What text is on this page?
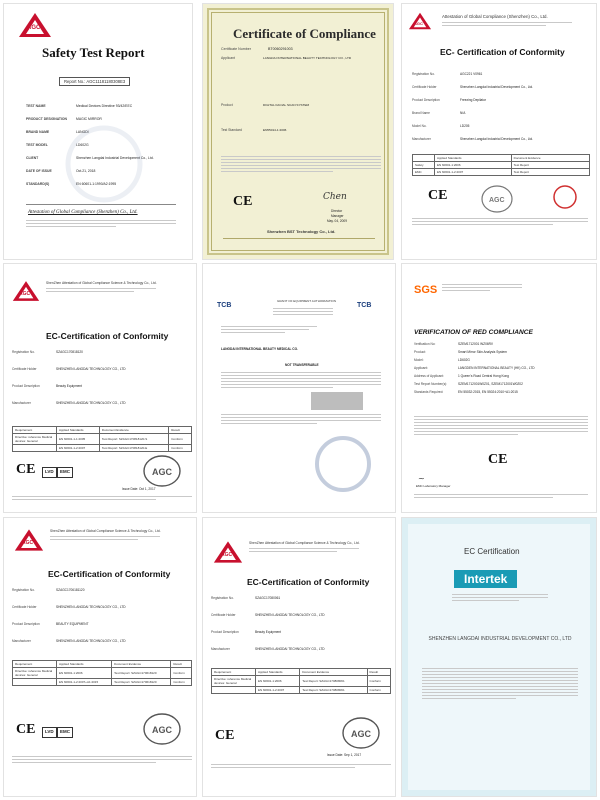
AGC
Safety Test Report
Report No.: AGC11181180308E3
TEST NAME	Medical Devices Directive 93/42/EEC
PRODUCT DESIGNATION	MAGIC MIRROR
BRAND NAME	LANGDI
TEST MODEL	LD602G
CLIENT	Shenzhen Langdai Industrial Development Co., Ltd.
DATE OF ISSUE	Oct.21, 2018
STANDARD(S)	EN 60601-1:1990/A2:1995
Attestation of Global Compliance (Shenzhen) Co., Ltd.
Certificate of Compliance
Certificate Number	BT0060291003
Applicant	LANGDAI INTERNATIONAL BEAUTY TECHNOLOGY CO., LTD
Product	DIGITAL FACIAL SCAN SYSTEM
Test Standard	EN55014-1:2006
CE	Chen
Director
Manager
May. 04, 2009
Shenzhen BST Technology Co., Ltd.
AGC
Attestation of Global Compliance (Shenzhen) Co., Ltd.
EC- Certification of Conformity
Registration No.	AGC221 V0961
Certificate Holder	Shenzhen Langdai Industrial Development Co., Ltd.
Product Description	Freezing Depilator
Brand Name	N/A
Model No.	LD205
Manufacturer	Shenzhen Langdai Industrial Development Co., Ltd.
	Applied Standards	Document Evidence
Safety	EN 60601-1:2006	Test Report
EMC	EN 60601-1-2:2007	Test Report
CE	AGC
AGC
ShenZhen Attestation of Global Compliance Science & Technology Co., Ltd.
EC-Certification of Conformity
Registration No.	SZAGC170818120
Certificate Holder	SHENZHEN LANGDAI TECHNOLOGY CO., LTD
Product Description	Beauty Equipment
Manufacturer	SHENZHEN LANGDAI TECHNOLOGY CO., LTD
Requirement	Applied Standards	Document Evidence	Result
Directive: reference Medical devices: General	EN 60601-1-1:2005	Test Report: SZAGC170818120-S	Conform
	EN 60601-1-2:2007	Test Report: SZAGC170818120-E	Conform
CE	LVD	EMC	AGC
Issue Date: Oct 1, 2017
TCB	TCB
GRANT OF EQUIPMENT AUTHORIZATION
LANGDAI INTERNATIONAL BEAUTY MEDICAL CO.
NOT TRANSFERABLE
SGS
VERIFICATION OF RED COMPLIANCE
Verification No:	SZEM1712001 WZ06RV
Product:	Smart Mirror Skin Analysis System
Model:	LD602G
Applicant:	LANGDEN INTERNATIONAL BEAUTY (HK) CO., LTD
Address of Applicant:	1 Queen's Road Central Hong Kong
Test Report Number(s):	SZEM1712001W0Z01, SZEM1712001W0Z02
Standards Required:	EN 55032:2015, EN 55024:2010+A1:2015
CE
~
EMC Laboratory Manager
AGC
ShenZhen Attestation of Global Compliance Science & Technology Co., Ltd.
EC-Certification of Conformity
Registration No.	SZAGC1706181120
Certificate Holder	SHENZHEN LANGDAI TECHNOLOGY CO., LTD
Product Description	BEAUTY EQUIPMENT
Manufacturer	SHENZHEN LANGDAI TECHNOLOGY CO., LTD
Requirement	Applied Standards	Document Evidence	Result
Directive: reference Medical devices: General	EN 60601-1:2006	Test Report: SZAGC170618120	Conform
	EN 60601-1-2:2007+A1:2015	Test Report: SZAGC170618120	Conform
CE	LVD	EMC	AGC
AGC
ShenZhen Attestation of Global Compliance Science & Technology Co., Ltd.
EC-Certification of Conformity
Registration No.	SZAGC17080061
Certificate Holder	SHENZHEN LANGDAI TECHNOLOGY CO., LTD
Product Description	Beauty Equipment
Manufacturer	SHENZHEN LANGDAI TECHNOLOGY CO., LTD
Requirement	Applied Standards	Document Evidence	Result
Directive: reference Medical devices: General	EN 60601-1:2006	Test Report: SZAGC170808061	Conform
	EN 60601-1-2:2007	Test Report: SZAGC170808061	Conform
CE	AGC
Issue Date: Sep 1, 2017
EC Certification
Intertek
SHENZHEN LANGDAI INDUSTRIAL DEVELOPMENT CO., LTD
